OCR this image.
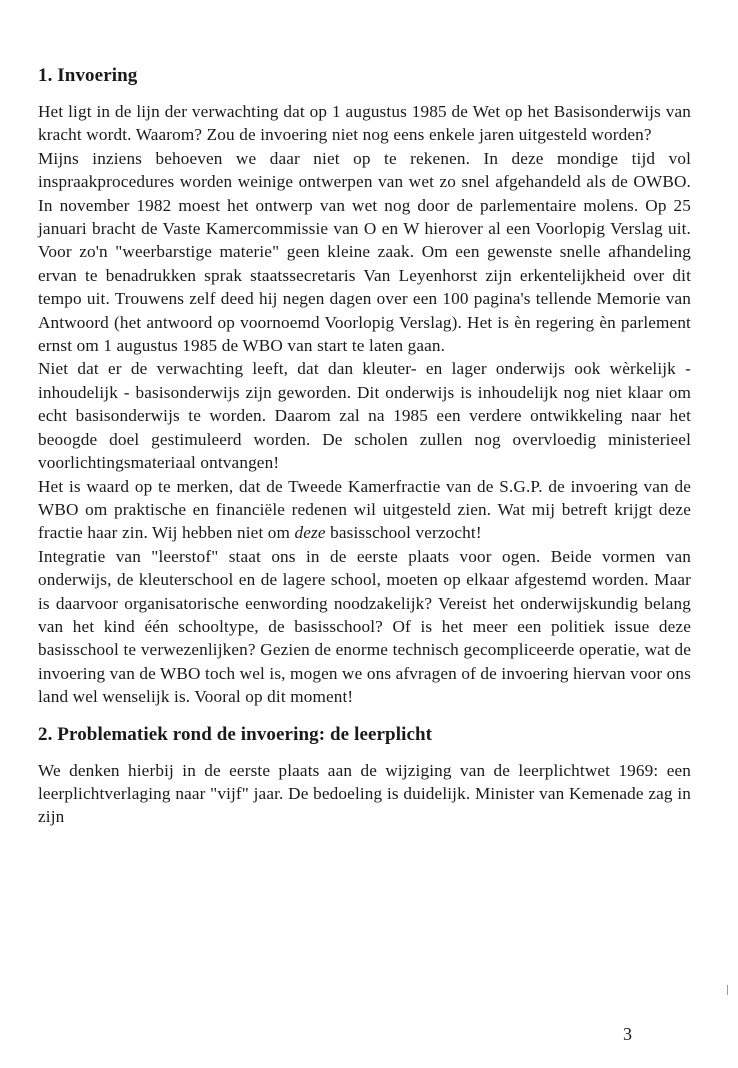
1. Invoering

Het ligt in de lijn der verwachting dat op 1 augustus 1985 de Wet op het Basisonderwijs van kracht wordt. Waarom? Zou de invoering niet nog eens enkele jaren uitgesteld worden?

Mijns inziens behoeven we daar niet op te rekenen. In deze mondige tijd vol inspraakprocedures worden weinige ontwerpen van wet zo snel afgehandeld als de OWBO. In november 1982 moest het ontwerp van wet nog door de parlementaire molens. Op 25 januari bracht de Vaste Kamercommissie van O en W hierover al een Voorlopig Verslag uit. Voor zo'n "weerbarstige materie" geen kleine zaak. Om een gewenste snelle afhandeling ervan te benadrukken sprak staatssecretaris Van Leyenhorst zijn erkentelijkheid over dit tempo uit. Trouwens zelf deed hij negen dagen over een 100 pagina's tellende Memorie van Antwoord (het antwoord op voornoemd Voorlopig Verslag). Het is èn regering èn parlement ernst om 1 augustus 1985 de WBO van start te laten gaan.

Niet dat er de verwachting leeft, dat dan kleuter- en lager onderwijs ook wèrkelijk - inhoudelijk - basisonderwijs zijn geworden. Dit onderwijs is inhoudelijk nog niet klaar om echt basisonderwijs te worden. Daarom zal na 1985 een verdere ontwikkeling naar het beoogde doel gestimuleerd worden. De scholen zullen nog overvloedig ministerieel voorlichtingsmateriaal ontvangen!

Het is waard op te merken, dat de Tweede Kamerfractie van de S.G.P. de invoering van de WBO om praktische en financiële redenen wil uitgesteld zien. Wat mij betreft krijgt deze fractie haar zin. Wij hebben niet om deze basisschool verzocht!

Integratie van "leerstof" staat ons in de eerste plaats voor ogen. Beide vormen van onderwijs, de kleuterschool en de lagere school, moeten op elkaar afgestemd worden. Maar is daarvoor organisatorische eenwording noodzakelijk? Vereist het onderwijskundig belang van het kind één schooltype, de basisschool? Of is het meer een politiek issue deze basisschool te verwezenlijken? Gezien de enorme technisch gecompliceerde operatie, wat de invoering van de WBO toch wel is, mogen we ons afvragen of de invoering hiervan voor ons land wel wenselijk is. Vooral op dit moment!

2. Problematiek rond de invoering: de leerplicht

We denken hierbij in de eerste plaats aan de wijziging van de leerplichtwet 1969: een leerplichtverlaging naar "vijf" jaar. De bedoeling is duidelijk. Minister van Kemenade zag in zijn

3
